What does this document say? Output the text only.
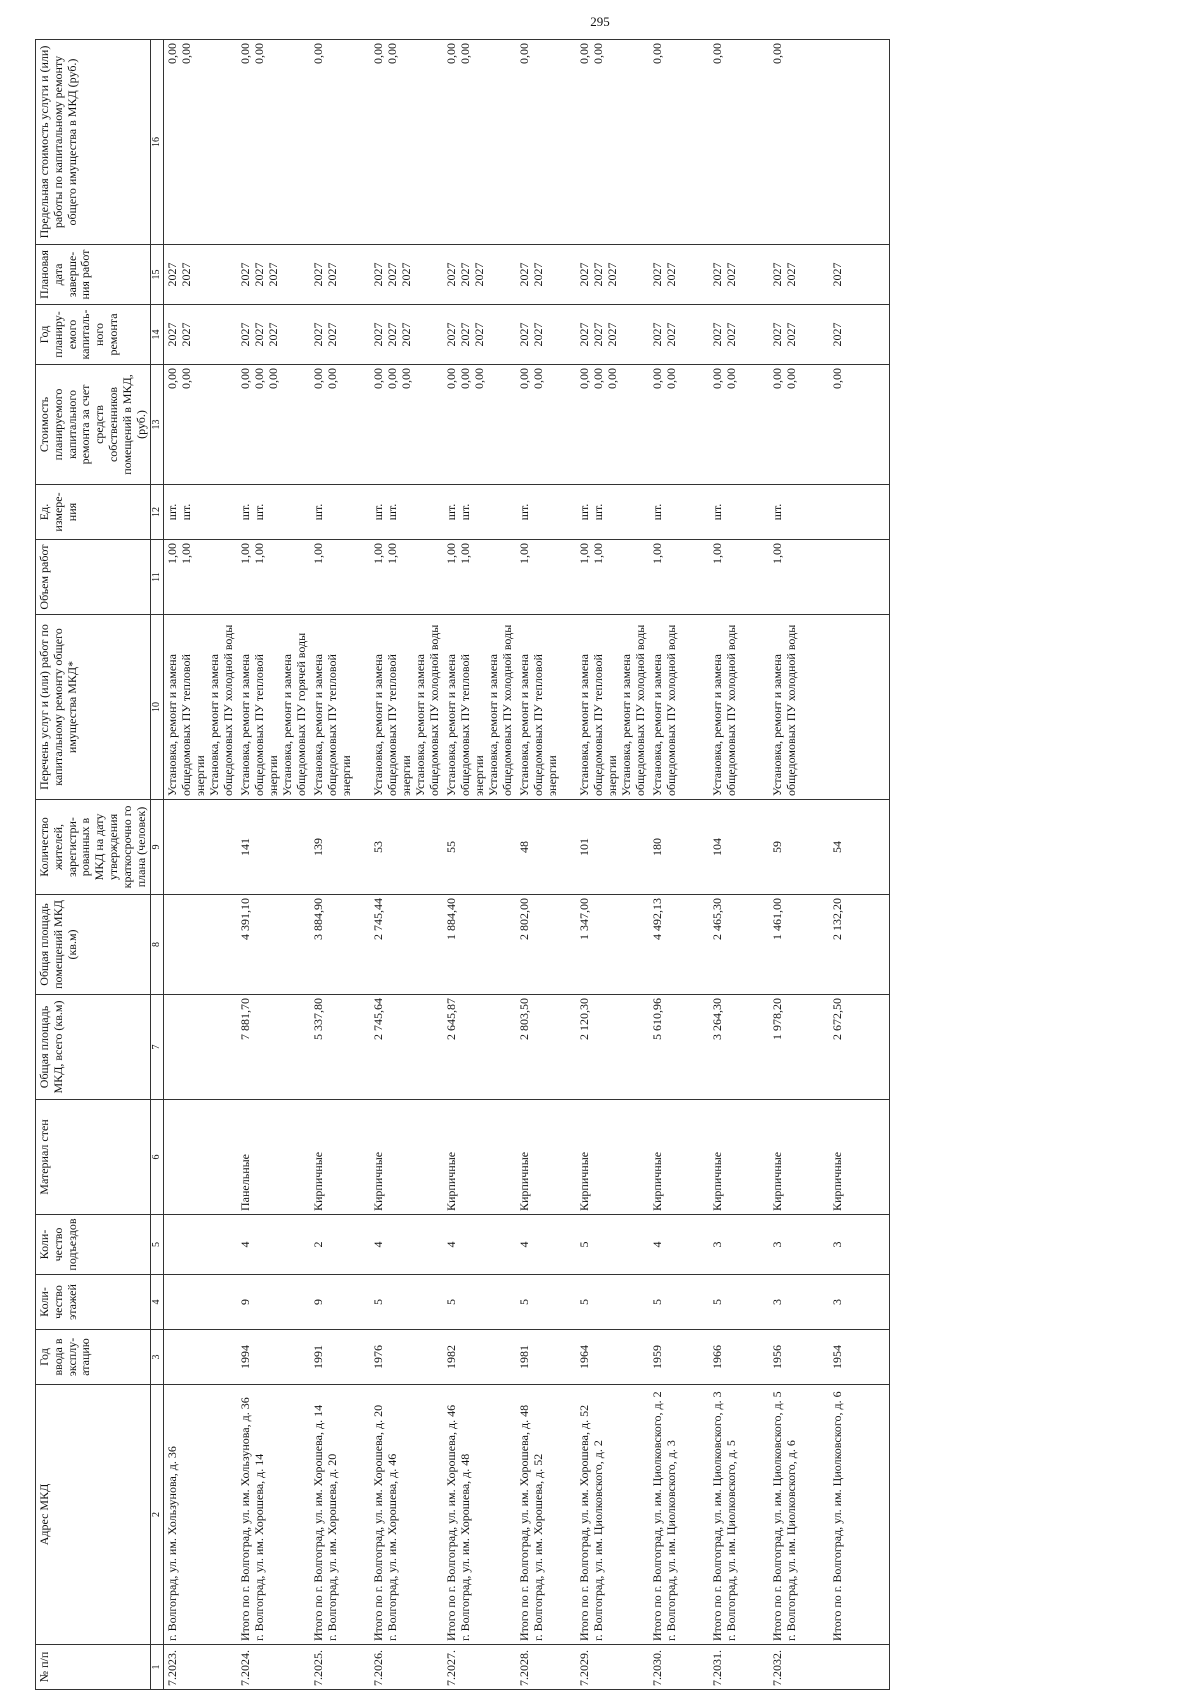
295
№ п/п	Адрес МКД	Год ввода в эксплу-атацию	Коли-чество этажей	Коли-чество подъездов	Материал стен	Общая площадь МКД, всего (кв.м)	Общая площадь помещений МКД (кв.м)	Количество жителей, зарегистри-рованных в МКД на дату утверждения краткосрочно го плана (человек)	Перечень услуг и (или) работ по капитальному ремонту общего имущества МКД*	Объем работ	Ед. измере-ния	Стоимость планируемого капитального ремонта за счет средств собственников помещений в МКД, (руб.)	Год планиру-емого капиталь-ного ремонта	Плановая дата заверше-ния работ	Предельная стоимость услуги и (или) работы по капитальному ремонту общего имущества в МКД (руб.)
1	2	3	4	5	6	7	8	9	10	11	12	13	14	15	16
7.2023.	г. Волгоград, ул. им. Хользунова, д. 36								Установка, ремонт и замена общедомовых ПУ тепловой энергии Установка, ремонт и замена общедомовых ПУ холодной воды	1,00 1,00	шт. шт.	0,00 0,00	2027 2027	2027 2027	0,00 0,00

7.2024.	Итого по г. Волгоград, ул. им. Хользунова, д. 36 г. Волгоград, ул. им. Хорошева, д. 14	1994	9	4	Панельные	7 881,70	4 391,10	141	Установка, ремонт и замена общедомовых ПУ тепловой энергии Установка, ремонт и замена общедомовых ПУ горячей воды	1,00 1,00	шт. шт.	0,00 0,00 0,00	2027 2027 2027	2027 2027 2027	0,00 0,00

7.2025.	Итого по г. Волгоград, ул. им. Хорошева, д. 14 г. Волгоград, ул. им. Хорошева, д. 20	1991	9	2	Кирпичные	5 337,80	3 884,90	139	Установка, ремонт и замена общедомовых ПУ тепловой энергии	1,00	шт.	0,00 0,00	2027 2027	2027 2027	0,00

7.2026.	Итого по г. Волгоград, ул. им. Хорошева, д. 20 г. Волгоград, ул. им. Хорошева, д. 46	1976	5	4	Кирпичные	2 745,64	2 745,44	53	Установка, ремонт и замена общедомовых ПУ тепловой энергии Установка, ремонт и замена общедомовых ПУ холодной воды	1,00 1,00	шт. шт.	0,00 0,00 0,00	2027 2027 2027	2027 2027 2027	0,00 0,00

7.2027.	Итого по г. Волгоград, ул. им. Хорошева, д. 46 г. Волгоград, ул. им. Хорошева, д. 48	1982	5	4	Кирпичные	2 645,87	1 884,40	55	Установка, ремонт и замена общедомовых ПУ тепловой энергии Установка, ремонт и замена общедомовых ПУ холодной воды	1,00 1,00	шт. шт.	0,00 0,00 0,00	2027 2027 2027	2027 2027 2027	0,00 0,00

7.2028.	Итого по г. Волгоград, ул. им. Хорошева, д. 48 г. Волгоград, ул. им. Хорошева, д. 52	1981	5	4	Кирпичные	2 803,50	2 802,00	48	Установка, ремонт и замена общедомовых ПУ тепловой энергии	1,00	шт.	0,00 0,00	2027 2027	2027 2027	0,00

7.2029.	Итого по г. Волгоград, ул. им. Хорошева, д. 52 г. Волгоград, ул. им. Циолковского, д. 2	1964	5	5	Кирпичные	2 120,30	1 347,00	101	Установка, ремонт и замена общедомовых ПУ тепловой энергии Установка, ремонт и замена общедомовых ПУ холодной воды	1,00 1,00	шт. шт.	0,00 0,00 0,00	2027 2027 2027	2027 2027 2027	0,00 0,00

7.2030.	Итого по г. Волгоград, ул. им. Циолковского, д. 2 г. Волгоград, ул. им. Циолковского, д. 3	1959	5	4	Кирпичные	5 610,96	4 492,13	180	Установка, ремонт и замена общедомовых ПУ холодной воды	1,00	шт.	0,00 0,00	2027 2027	2027 2027	0,00

7.2031.	Итого по г. Волгоград, ул. им. Циолковского, д. 3 г. Волгоград, ул. им. Циолковского, д. 5	1966	5	3	Кирпичные	3 264,30	2 465,30	104	Установка, ремонт и замена общедомовых ПУ холодной воды	1,00	шт.	0,00 0,00	2027 2027	2027 2027	0,00

7.2032.	Итого по г. Волгоград, ул. им. Циолковского, д. 5 г. Волгоград, ул. им. Циолковского, д. 6	1956	3	3	Кирпичные	1 978,20	1 461,00	59	Установка, ремонт и замена общедомовых ПУ холодной воды	1,00	шт.	0,00 0,00	2027 2027	2027 2027	0,00

	Итого по г. Волгоград, ул. им. Циолковского, д. 6	1954	3	3	Кирпичные	2 672,50	2 132,20	54				0,00	2027	2027	
